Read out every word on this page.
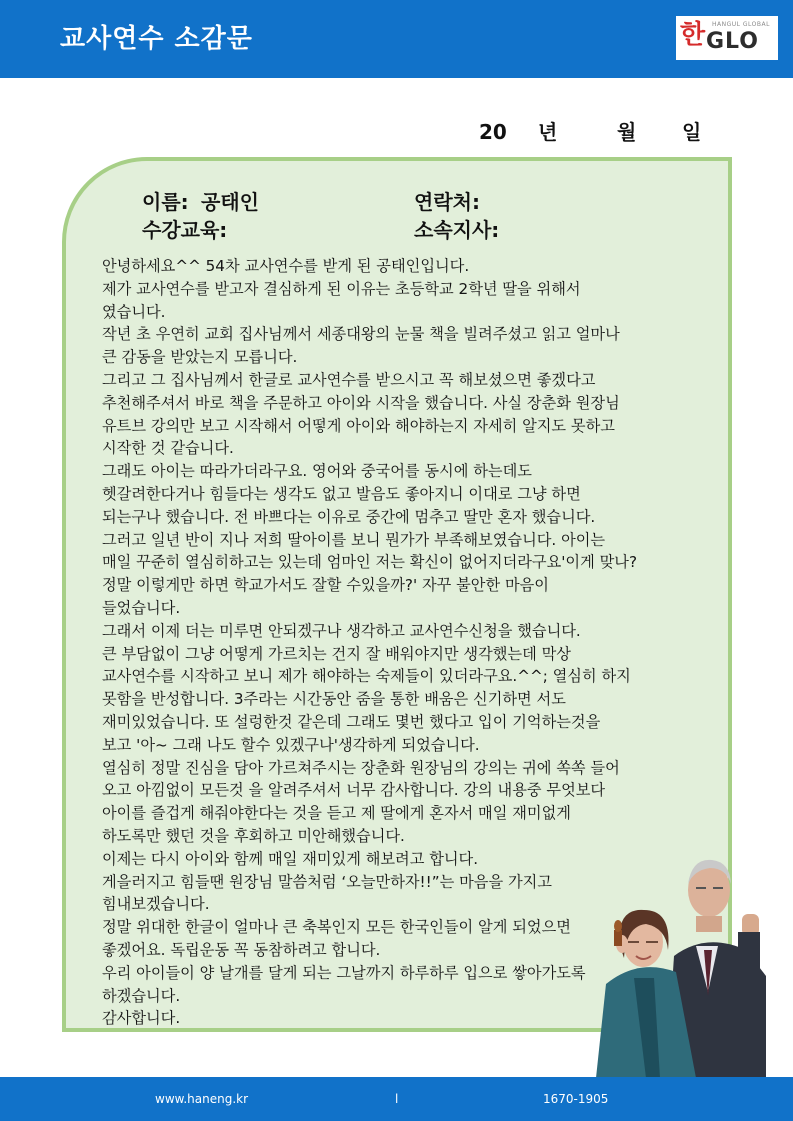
교사연수 소감문	한 HANGUL GLOBAL
GLO
20 년	월 일
이름: 공태인	연락처:
수강교육:	소속지사:
안녕하세요^^ 54차 교사연수를 받게 된 공태인입니다.
제가 교사연수를 받고자 결심하게 된 이유는 초등학교 2학년 딸을 위해서
였습니다.
작년 초 우연히 교회 집사님께서 세종대왕의 눈물 책을 빌려주셨고 읽고 얼마나
큰 감동을 받았는지 모릅니다.
그리고 그 집사님께서 한글로 교사연수를 받으시고 꼭 해보셨으면 좋겠다고
추천해주셔서 바로 책을 주문하고 아이와 시작을 했습니다. 사실 장춘화 원장님
유트브 강의만 보고 시작해서 어떻게 아이와 해야하는지 자세히 알지도 못하고
시작한 것 같습니다.
그래도 아이는 따라가더라구요. 영어와 중국어를 동시에 하는데도
헷갈려한다거나 힘들다는 생각도 없고 발음도 좋아지니 이대로 그냥 하면
되는구나 했습니다. 전 바쁘다는 이유로 중간에 멈추고 딸만 혼자 했습니다.
그러고 일년 반이 지나 저희 딸아이를 보니 뭔가가 부족해보였습니다. 아이는
매일 꾸준히 열심히하고는 있는데 엄마인 저는 확신이 없어지더라구요'이게 맞나?
정말 이렇게만 하면 학교가서도 잘할 수있을까?' 자꾸 불안한 마음이
들었습니다.
그래서 이제 더는 미루면 안되겠구나 생각하고 교사연수신청을 했습니다.
큰 부담없이 그냥 어떻게 가르치는 건지 잘 배워야지만 생각했는데 막상
교사연수를 시작하고 보니 제가 해야하는 숙제들이 있더라구요.^^; 열심히 하지
못함을 반성합니다. 3주라는 시간동안 줌을 통한 배움은 신기하면 서도
재미있었습니다. 또 설렁한것 같은데 그래도 몇번 했다고 입이 기억하는것을
보고 '아~ 그래 나도 할수 있겠구나'생각하게 되었습니다.
열심히 정말 진심을 담아 가르쳐주시는 장춘화 원장님의 강의는 귀에 쏙쏙 들어
오고 아낌없이 모든것 을 알려주셔서 너무 감사합니다. 강의 내용중 무엇보다
아이를 즐겁게 해줘야한다는 것을 듣고 제 딸에게 혼자서 매일 재미없게
하도록만 했던 것을 후회하고 미안해했습니다.
이제는 다시 아이와 함께 매일 재미있게 해보려고 합니다.
게을러지고 힘들땐 원장님 말씀처럼 ‘오늘만하자!!”는 마음을 가지고
힘내보겠습니다.
정말 위대한 한글이 얼마나 큰 축복인지 모든 한국인들이 알게 되었으면
좋겠어요. 독립운동 꼭 동참하려고 합니다.
우리 아이들이 양 날개를 달게 되는 그날까지 하루하루 입으로 쌓아가도록
하겠습니다.
감사합니다.
www.haneng.kr	l	1670-1905
